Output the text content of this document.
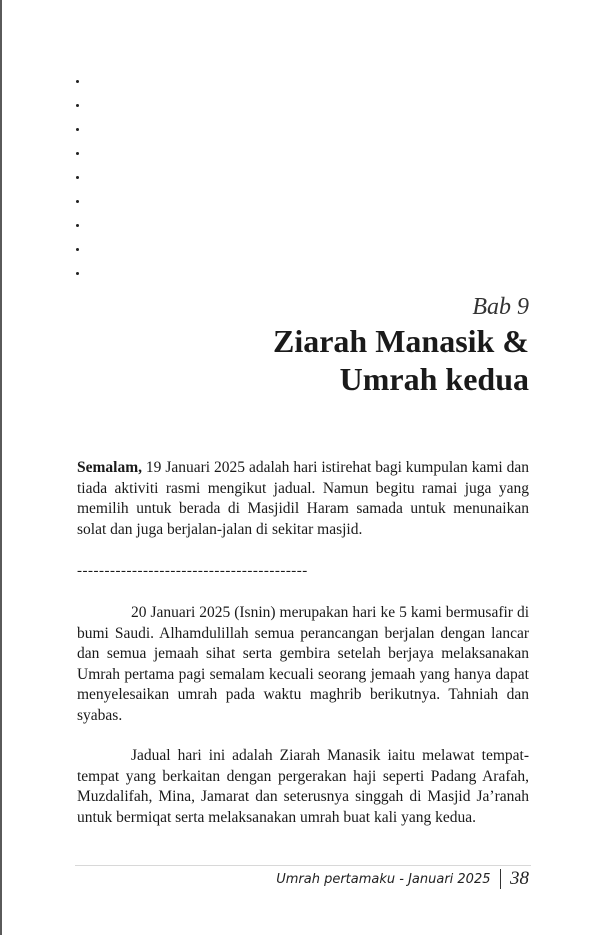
Bab 9
Ziarah Manasik &
Umrah kedua

Semalam, 19 Januari 2025 adalah hari istirehat bagi kumpulan kami dan tiada aktiviti rasmi mengikut jadual. Namun begitu ramai juga yang memilih untuk berada di Masjidil Haram samada untuk menunaikan solat dan juga berjalan-jalan di sekitar masjid.

------------------------------------------

20 Januari 2025 (Isnin) merupakan hari ke 5 kami bermusafir di bumi Saudi. Alhamdulillah semua perancangan berjalan dengan lancar dan semua jemaah sihat serta gembira setelah berjaya melaksanakan Umrah pertama pagi semalam kecuali seorang jemaah yang hanya dapat menyelesaikan umrah pada waktu maghrib berikutnya. Tahniah dan syabas.

Jadual hari ini adalah Ziarah Manasik iaitu melawat tempat-tempat yang berkaitan dengan pergerakan haji seperti Padang Arafah, Muzdalifah, Mina, Jamarat dan seterusnya singgah di Masjid Ja’ranah untuk bermiqat serta melaksanakan umrah buat kali yang kedua.

Umrah pertamaku - Januari 2025 38
